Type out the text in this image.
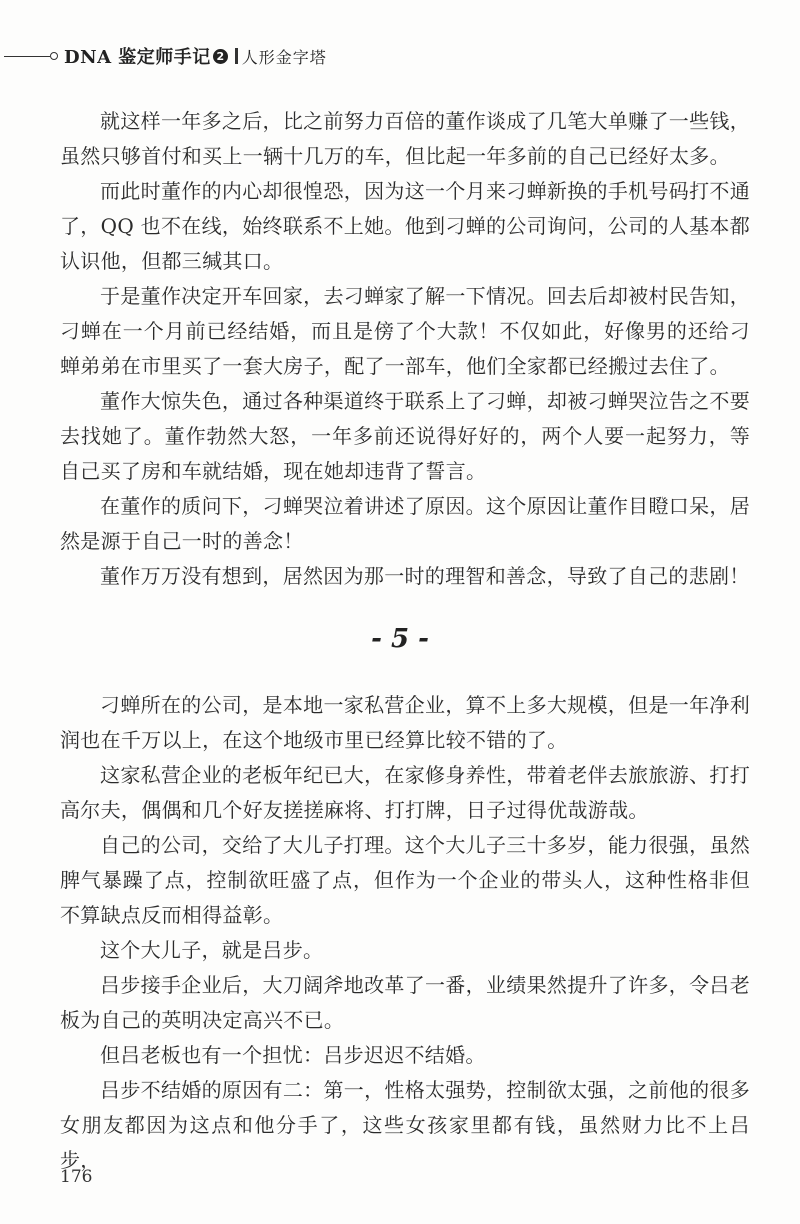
DNA 鉴定师手记 2 人形金字塔

就这样一年多之后，比之前努力百倍的董作谈成了几笔大单赚了一些钱，虽然只够首付和买上一辆十几万的车，但比起一年多前的自己已经好太多。

而此时董作的内心却很惶恐，因为这一个月来刁蝉新换的手机号码打不通了，QQ 也不在线，始终联系不上她。他到刁蝉的公司询问，公司的人基本都认识他，但都三缄其口。

于是董作决定开车回家，去刁蝉家了解一下情况。回去后却被村民告知，刁蝉在一个月前已经结婚，而且是傍了个大款！不仅如此，好像男的还给刁蝉弟弟在市里买了一套大房子，配了一部车，他们全家都已经搬过去住了。

董作大惊失色，通过各种渠道终于联系上了刁蝉，却被刁蝉哭泣告之不要去找她了。董作勃然大怒，一年多前还说得好好的，两个人要一起努力，等自己买了房和车就结婚，现在她却违背了誓言。

在董作的质问下，刁蝉哭泣着讲述了原因。这个原因让董作目瞪口呆，居然是源于自己一时的善念！

董作万万没有想到，居然因为那一时的理智和善念，导致了自己的悲剧！

- 5 -

刁蝉所在的公司，是本地一家私营企业，算不上多大规模，但是一年净利润也在千万以上，在这个地级市里已经算比较不错的了。

这家私营企业的老板年纪已大，在家修身养性，带着老伴去旅旅游、打打高尔夫，偶偶和几个好友搓搓麻将、打打牌，日子过得优哉游哉。

自己的公司，交给了大儿子打理。这个大儿子三十多岁，能力很强，虽然脾气暴躁了点，控制欲旺盛了点，但作为一个企业的带头人，这种性格非但不算缺点反而相得益彰。

这个大儿子，就是吕步。

吕步接手企业后，大刀阔斧地改革了一番，业绩果然提升了许多，令吕老板为自己的英明决定高兴不已。

但吕老板也有一个担忧：吕步迟迟不结婚。

吕步不结婚的原因有二：第一，性格太强势，控制欲太强，之前他的很多女朋友都因为这点和他分手了，这些女孩家里都有钱，虽然财力比不上吕步，

176
